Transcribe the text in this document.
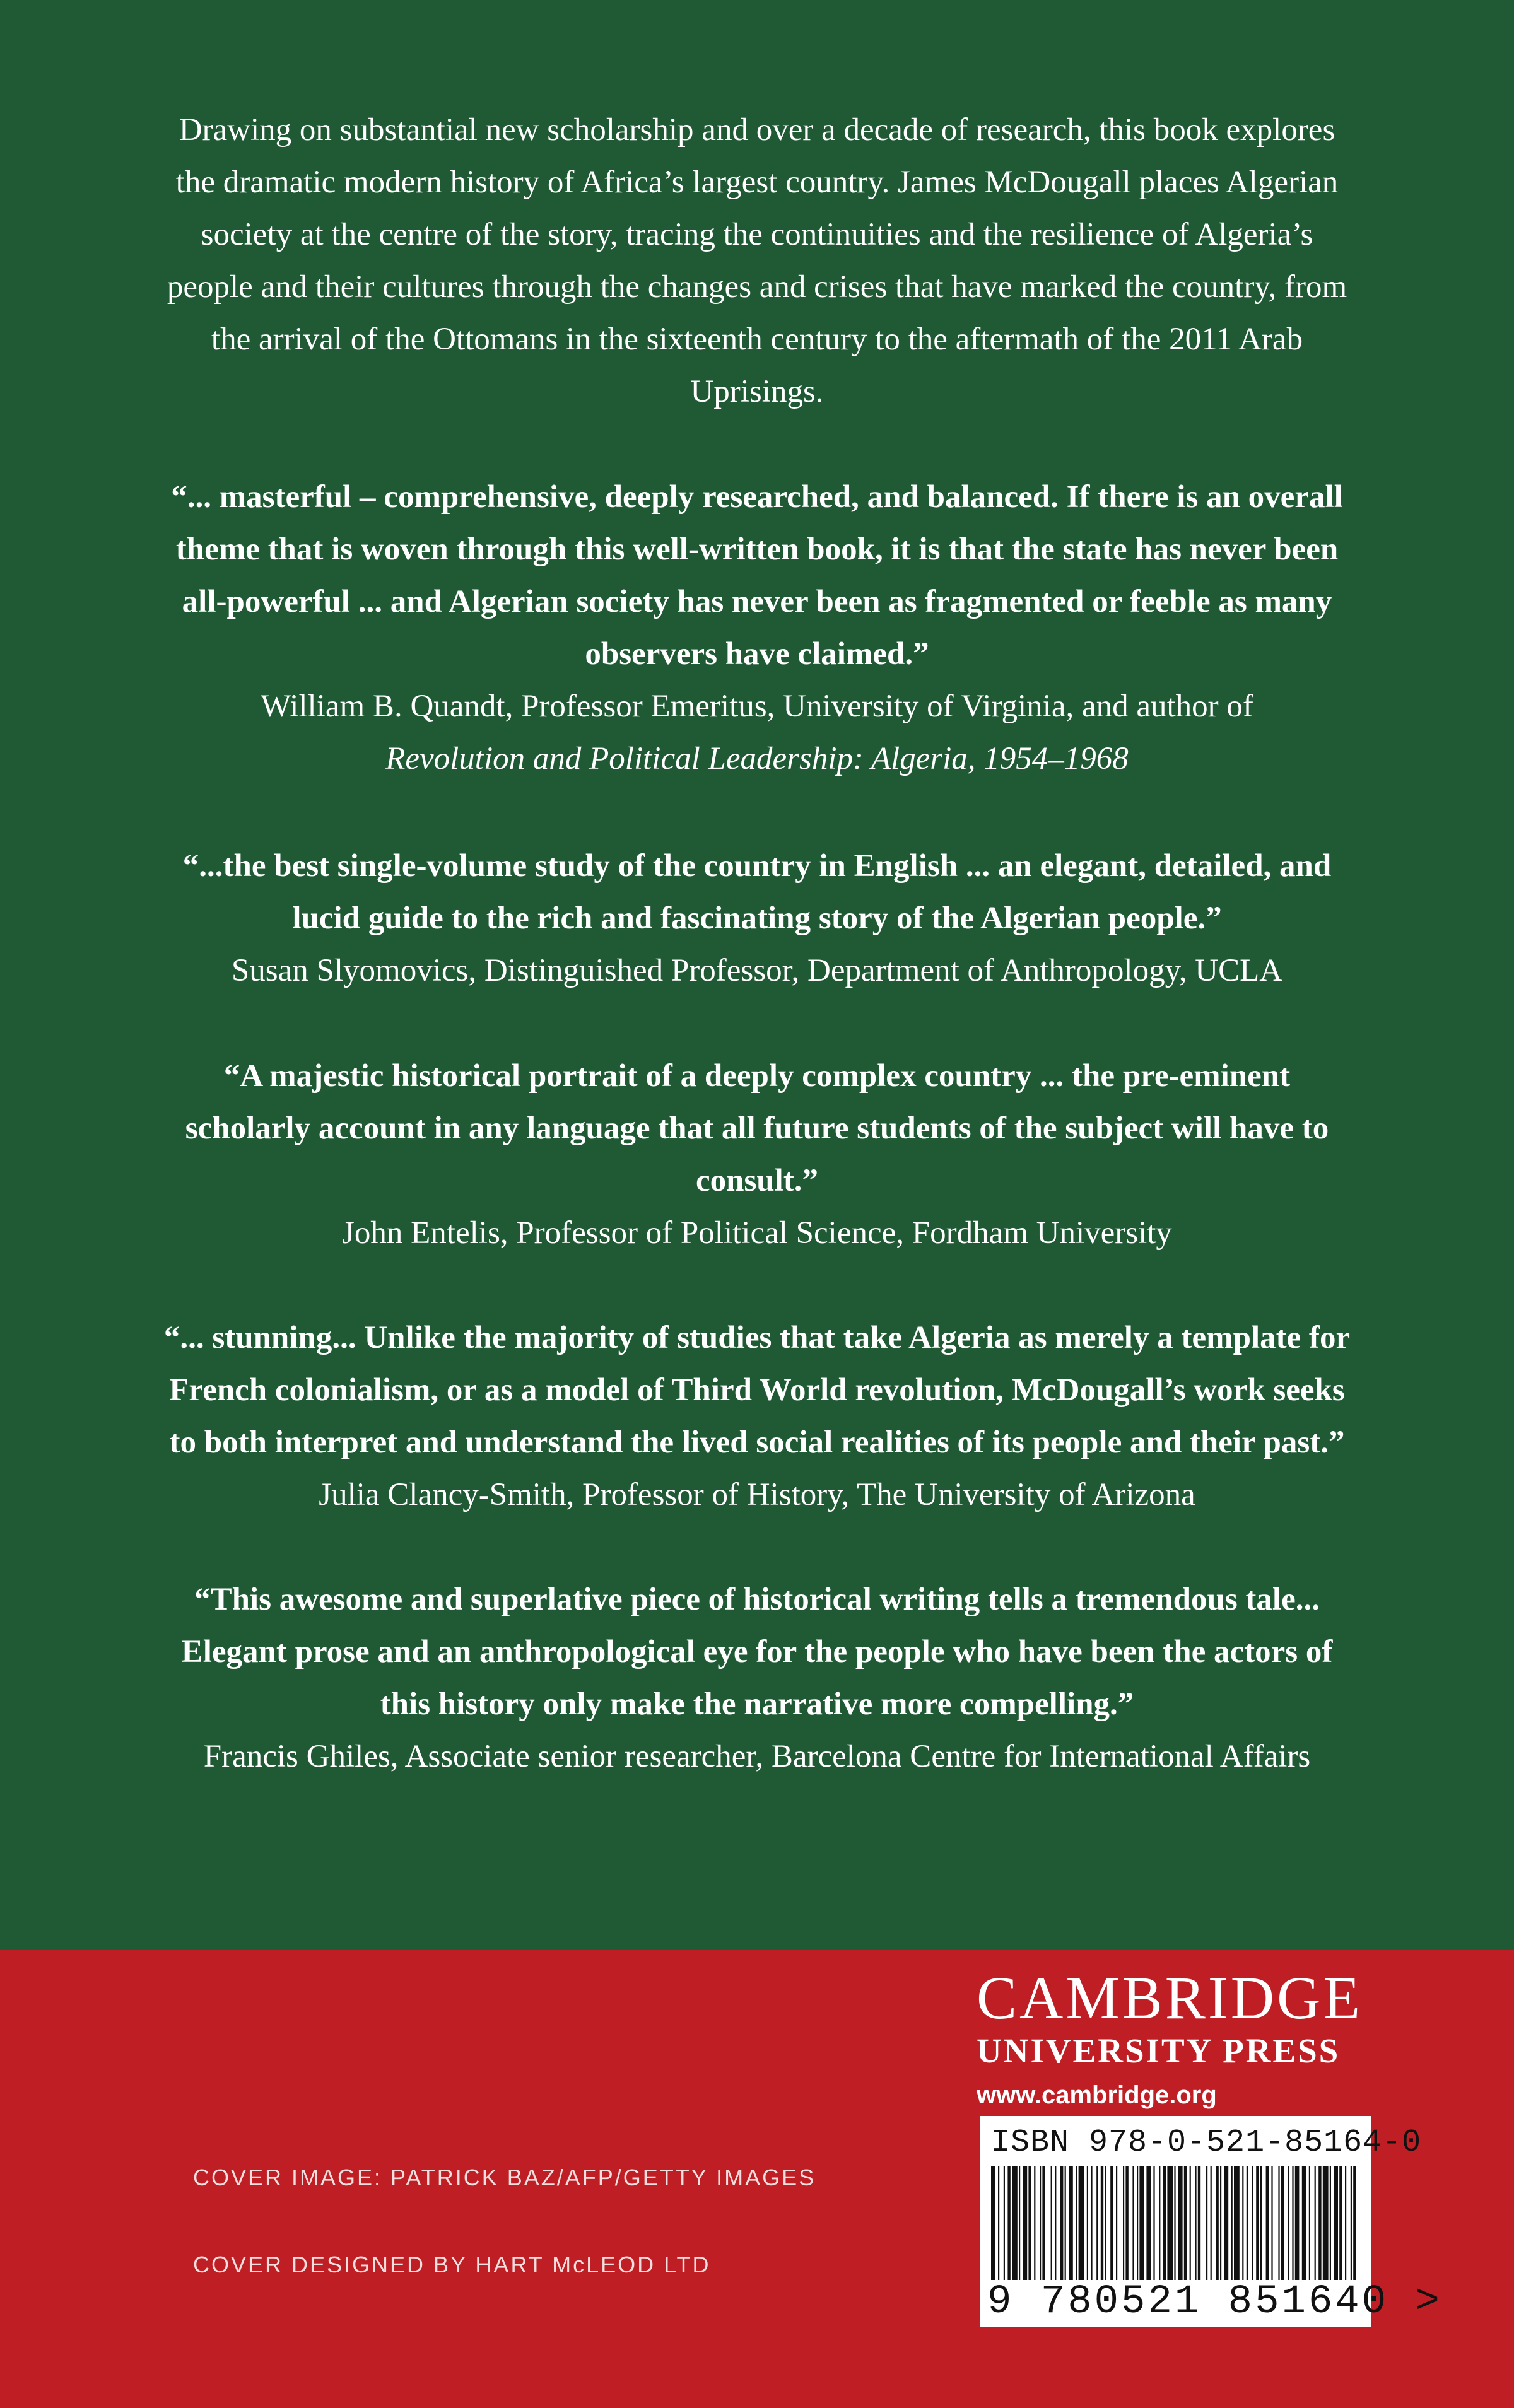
Drawing on substantial new scholarship and over a decade of research, this book explores the dramatic modern history of Africa’s largest country. James McDougall places Algerian society at the centre of the story, tracing the continuities and the resilience of Algeria’s people and their cultures through the changes and crises that have marked the country, from the arrival of the Ottomans in the sixteenth century to the aftermath of the 2011 Arab Uprisings.

“... masterful – comprehensive, deeply researched, and balanced. If there is an overall theme that is woven through this well-written book, it is that the state has never been all-powerful ... and Algerian society has never been as fragmented or feeble as many observers have claimed.”

William B. Quandt, Professor Emeritus, University of Virginia, and author of

Revolution and Political Leadership: Algeria, 1954–1968

“...the best single-volume study of the country in English ... an elegant, detailed, and lucid guide to the rich and fascinating story of the Algerian people.”

Susan Slyomovics, Distinguished Professor, Department of Anthropology, UCLA

“A majestic historical portrait of a deeply complex country ... the pre-eminent scholarly account in any language that all future students of the subject will have to consult.”

John Entelis, Professor of Political Science, Fordham University

“... stunning... Unlike the majority of studies that take Algeria as merely a template for French colonialism, or as a model of Third World revolution, McDougall’s work seeks to both interpret and understand the lived social realities of its people and their past.”

Julia Clancy-Smith, Professor of History, The University of Arizona

“This awesome and superlative piece of historical writing tells a tremendous tale... Elegant prose and an anthropological eye for the people who have been the actors of this history only make the narrative more compelling.”

Francis Ghiles, Associate senior researcher, Barcelona Centre for International Affairs

CAMBRIDGE
UNIVERSITY PRESS
www.cambridge.org
COVER IMAGE: PATRICK BAZ/AFP/GETTY IMAGES
COVER DESIGNED BY HART McLEOD LTD
ISBN 978-0-521-85164-0
9 780521 851640 >
